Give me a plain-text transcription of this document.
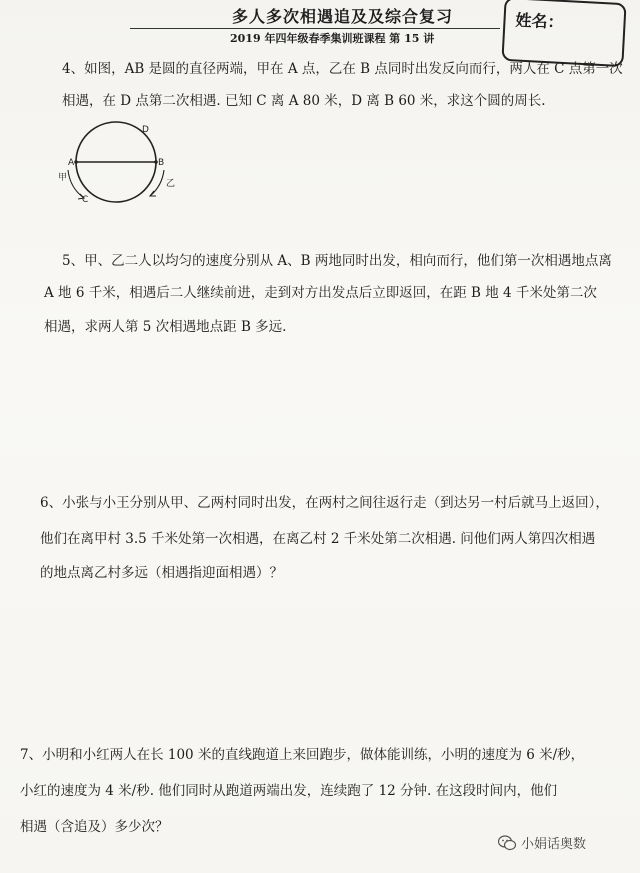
多人多次相遇追及及综合复习
2019 年四年级春季集训班课程 第 15 讲
姓名：
4、如图，AB 是圆的直径两端，甲在 A 点，乙在 B 点同时出发反向而行，两人在 C 点第一次
相遇，在 D 点第二次相遇. 已知 C 离 A 80 米，D 离 B 60 米，求这个圆的周长.
A	B
C
D
甲
乙
5、甲、乙二人以均匀的速度分别从 A、B 两地同时出发，相向而行，他们第一次相遇地点离
A 地 6 千米，相遇后二人继续前进，走到对方出发点后立即返回，在距 B 地 4 千米处第二次
相遇，求两人第 5 次相遇地点距 B 多远.
6、小张与小王分别从甲、乙两村同时出发，在两村之间往返行走（到达另一村后就马上返回），
他们在离甲村 3.5 千米处第一次相遇，在离乙村 2 千米处第二次相遇. 问他们两人第四次相遇
的地点离乙村多远（相遇指迎面相遇）？
7、小明和小红两人在长 100 米的直线跑道上来回跑步，做体能训练，小明的速度为 6 米/秒，
小红的速度为 4 米/秒. 他们同时从跑道两端出发，连续跑了 12 分钟. 在这段时间内，他们
相遇（含追及）多少次？
小娟话奥数
